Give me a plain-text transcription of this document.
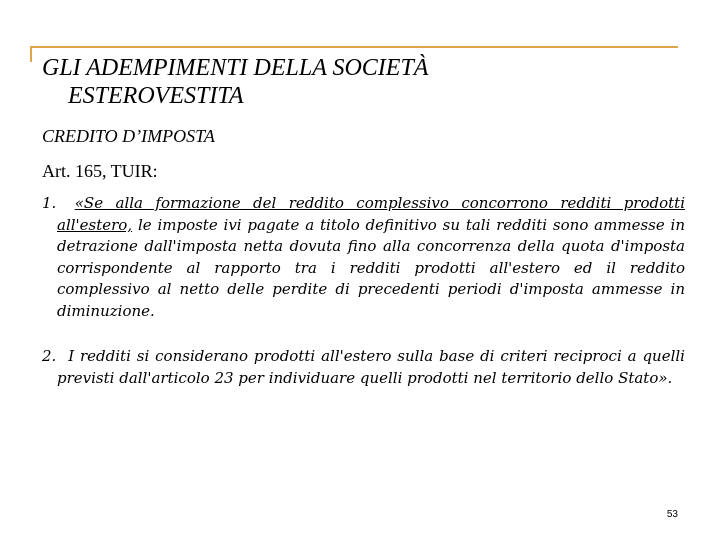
GLI ADEMPIMENTI DELLA SOCIETÀ
ESTEROVESTITA
CREDITO D’IMPOSTA
Art. 165, TUIR:
1. «Se alla formazione del reddito complessivo concorrono redditi prodotti all'estero, le imposte ivi pagate a titolo definitivo su tali redditi sono ammesse in detrazione dall'imposta netta dovuta fino alla concorrenza della quota d'imposta corrispondente al rapporto tra i redditi prodotti all'estero ed il reddito complessivo al netto delle perdite di precedenti periodi d'imposta ammesse in diminuzione.
2. I redditi si considerano prodotti all'estero sulla base di criteri reciproci a quelli previsti dall'articolo 23 per individuare quelli prodotti nel territorio dello Stato».
53
